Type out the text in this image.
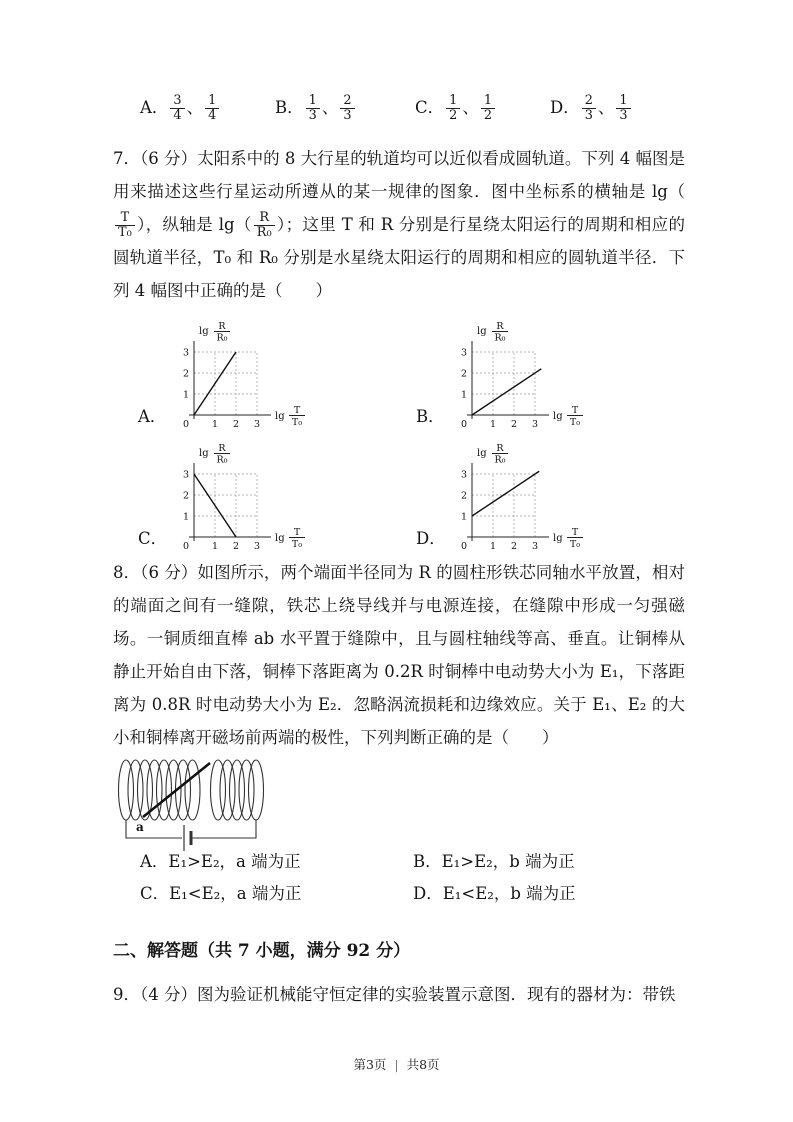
A． $\frac{3}{4}$ 、 $\frac{1}{4}$	B． $\frac{1}{3}$ 、 $\frac{2}{3}$	C． $\frac{1}{2}$ 、 $\frac{1}{2}$	D． $\frac{2}{3}$ 、 $\frac{1}{3}$
7．（6 分）太阳系中的 8 大行星的轨道均可以近似看成圆轨道。下列 4 幅图是用来描述这些行星运动所遵从的某一规律的图象．图中坐标系的横轴是 lg（
$\frac{T}{\text{T₀}}$ ），纵轴是 $\lg( \frac{R}{\text{R₀}}$ ）；这里 T 和 R 分别是行星绕太阳运行的周期和相应的圆轨道半径，T₀ 和 R₀ 分别是水星绕太阳运行的周期和相应的圆轨道半径．下列 4 幅图中正确的是（　　）
A． 0 1 2 3
1
2
3
lg R
R₀
lg
T
T₀	B． 0 1 2 3
1
2
3
lg R
R₀
lg
T
T₀
C． 0 1 2 3
1
2
3
lg R
R₀
lg
T
T₀	D． 0 1 2 3
1
2
3
lg R
R₀
lg
T
T₀
8．（6 分）如图所示，两个端面半径同为 R 的圆柱形铁芯同轴水平放置，相对的端面之间有一缝隙，铁芯上绕导线并与电源连接，在缝隙中形成一匀强磁场。一铜质细直棒 ab 水平置于缝隙中，且与圆柱轴线等高、垂直。让铜棒从静止开始自由下落，铜棒下落距离为 0.2R 时铜棒中电动势大小为 E₁，下落距离为 0.8R 时电动势大小为 E₂．忽略涡流损耗和边缘效应。关于 E₁、E₂ 的大小和铜棒离开磁场前两端的极性，下列判断正确的是（　　）
a
A．E₁>E₂，a 端为正	B．E₁>E₂，b 端为正
C．E₁<E₂，a 端为正	D．E₁<E₂，b 端为正
二、解答题（共 7 小题，满分 92 分）
9．（4 分）图为验证机械能守恒定律的实验装置示意图．现有的器材为：带铁
第3页 | 共8页
